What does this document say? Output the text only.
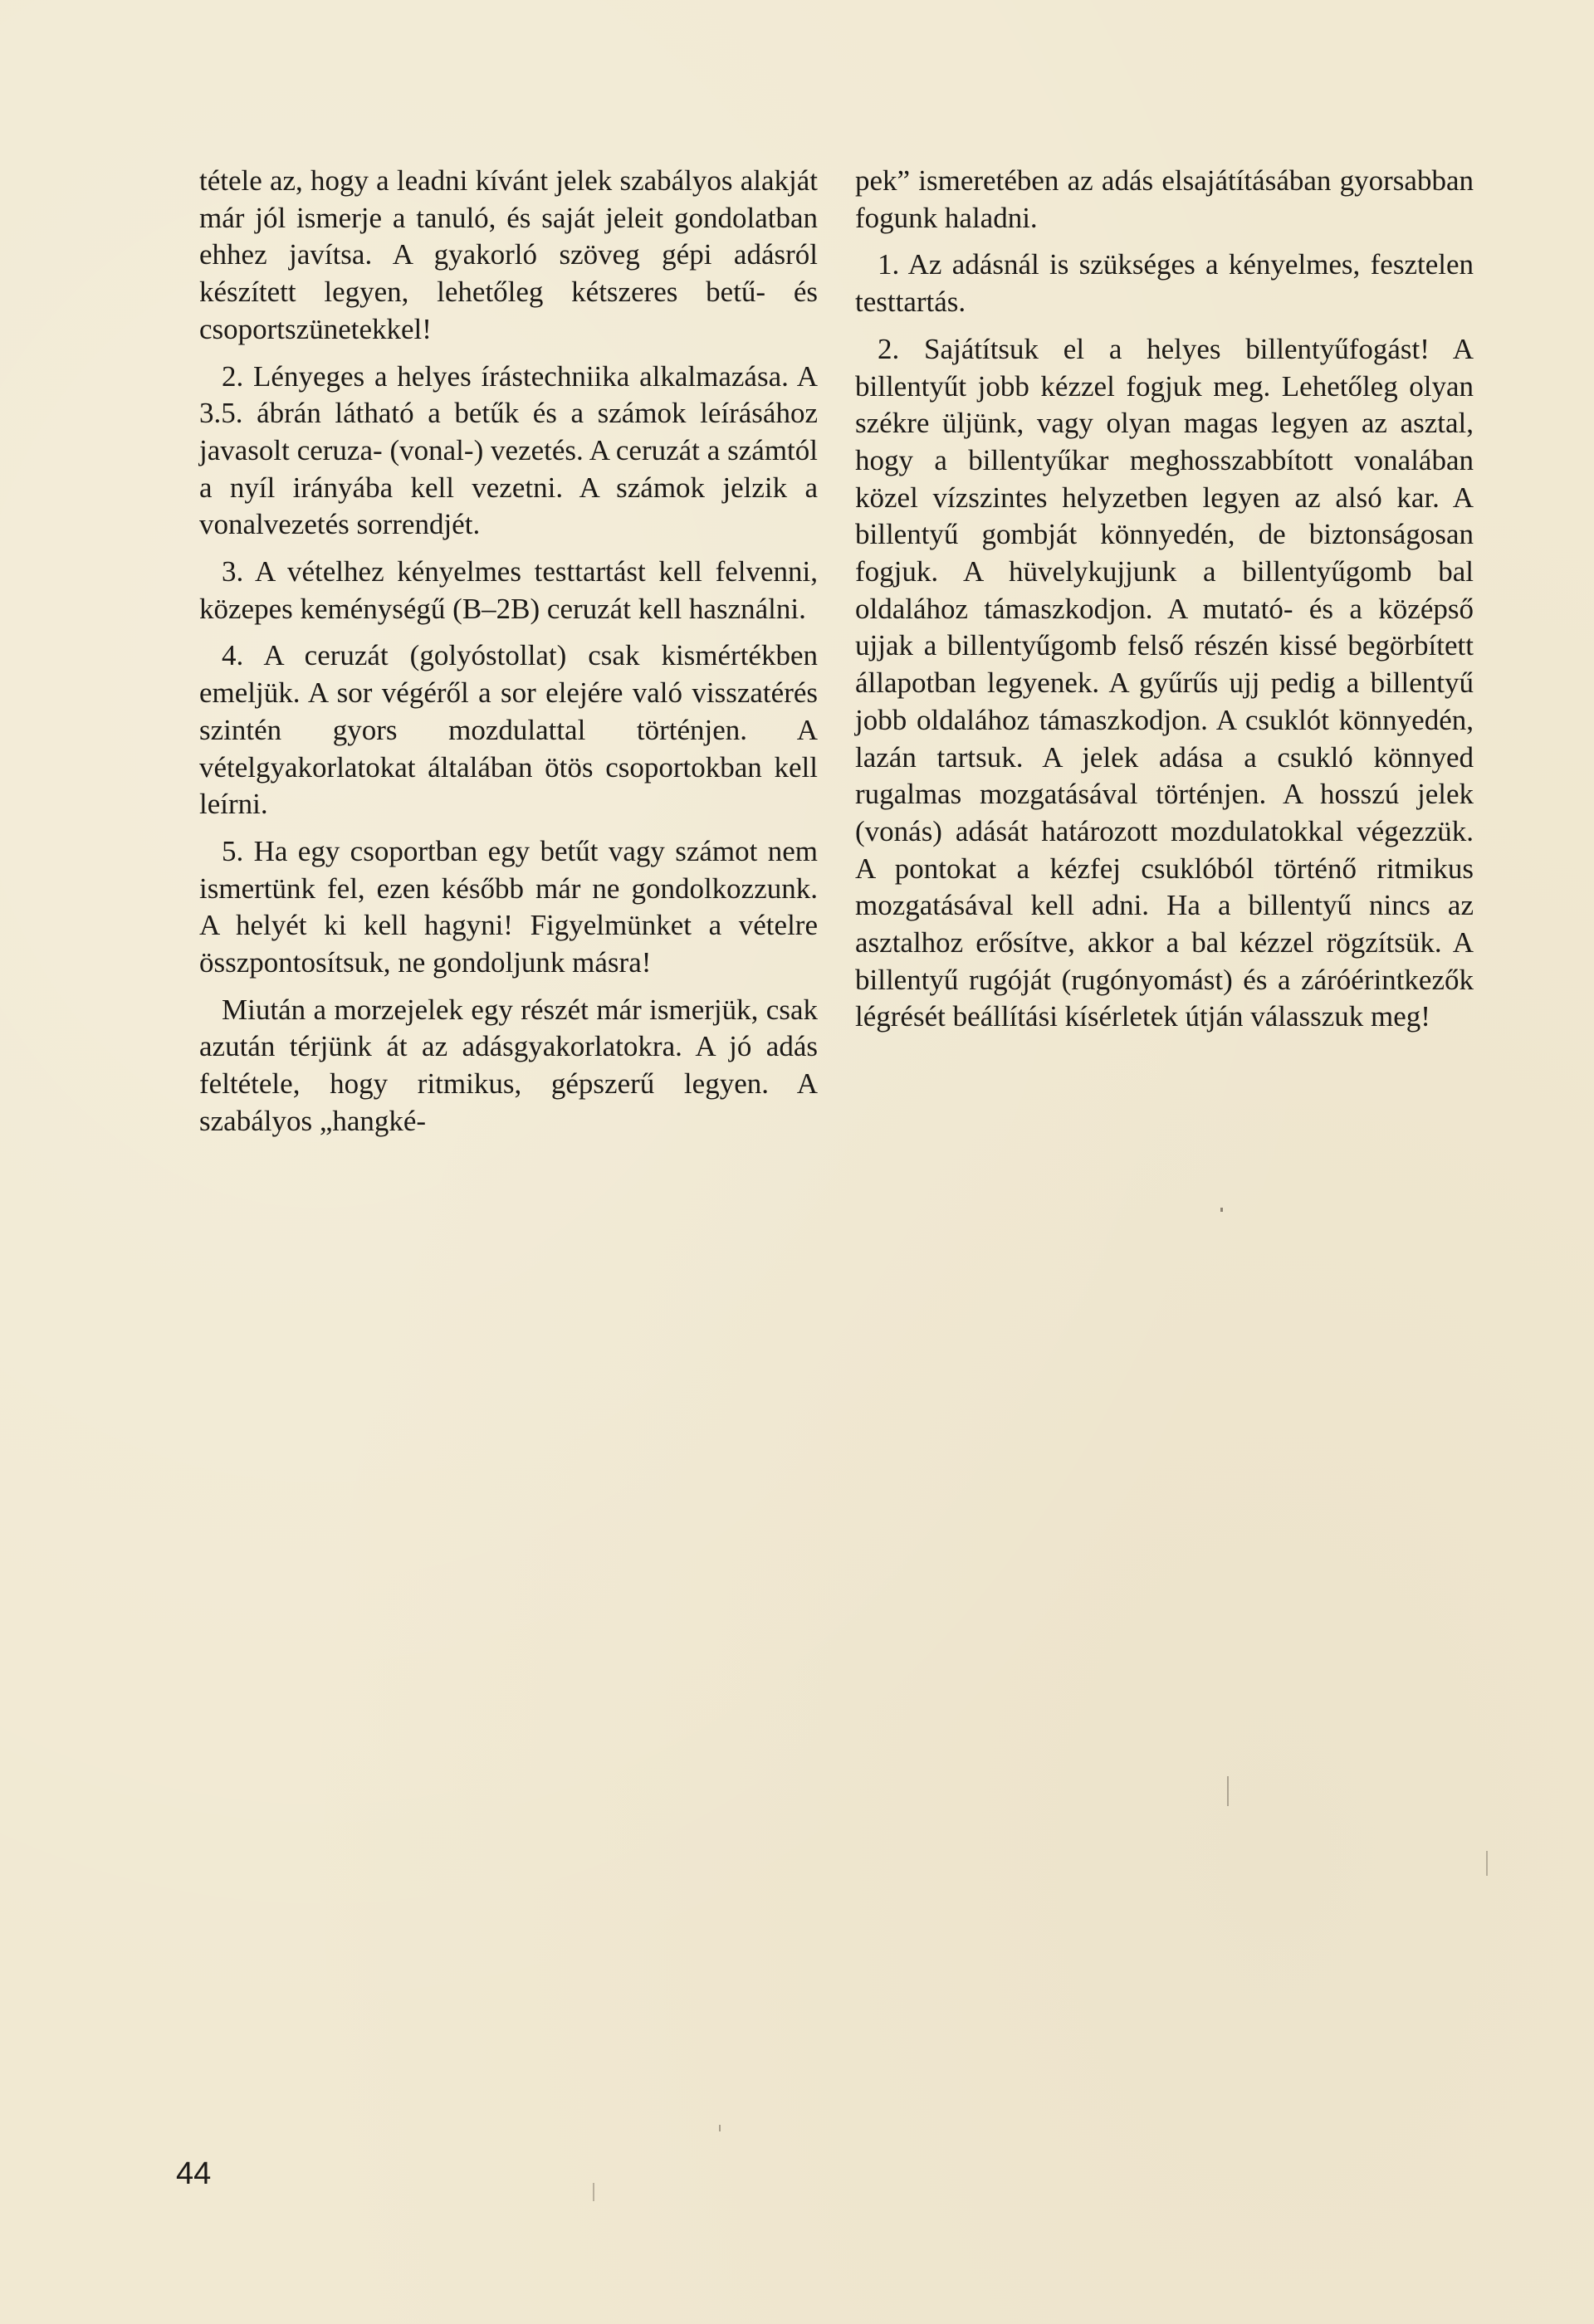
tétele az, hogy a leadni kívánt jelek szabályos alakját már jól ismerje a tanuló, és saját jeleit gondolatban ehhez javítsa. A gyakorló szöveg gépi adásról készített legyen, lehetőleg kétszeres betű- és csoportszünetekkel!

2. Lényeges a helyes írástechniika alkalmazása. A 3.5. ábrán látható a betűk és a számok leírásához javasolt ceruza- (vonal-) vezetés. A ceruzát a számtól a nyíl irányába kell vezetni. A számok jelzik a vonalvezetés sorrendjét.

3. A vételhez kényelmes testtartást kell felvenni, közepes keménységű (B–2B) ceruzát kell használni.

4. A ceruzát (golyóstollat) csak kismértékben emeljük. A sor végéről a sor elejére való visszatérés szintén gyors mozdulattal történjen. A vételgyakorlatokat általában ötös csoportokban kell leírni.

5. Ha egy csoportban egy betűt vagy számot nem ismertünk fel, ezen később már ne gondolkozzunk. A helyét ki kell hagyni! Figyelmünket a vételre összpontosítsuk, ne gondoljunk másra!

Miután a morzejelek egy részét már ismerjük, csak azután térjünk át az adásgyakorlatokra. A jó adás feltétele, hogy ritmikus, gépszerű legyen. A szabályos „hangké-

pek” ismeretében az adás elsajátításában gyorsabban fogunk haladni.

1. Az adásnál is szükséges a kényelmes, fesztelen testtartás.

2. Sajátítsuk el a helyes billentyűfogást! A billentyűt jobb kézzel fogjuk meg. Lehetőleg olyan székre üljünk, vagy olyan magas legyen az asztal, hogy a billentyűkar meghosszabbított vonalában közel vízszintes helyzetben legyen az alsó kar. A billentyű gombját könnyedén, de biztonságosan fogjuk. A hüvelykujjunk a billentyűgomb bal oldalához támaszkodjon. A mutató- és a középső ujjak a billentyűgomb felső részén kissé begörbített állapotban legyenek. A gyűrűs ujj pedig a billentyű jobb oldalához támaszkodjon. A csuklót könnyedén, lazán tartsuk. A jelek adása a csukló könnyed rugalmas mozgatásával történjen. A hosszú jelek (vonás) adását határozott mozdulatokkal végezzük. A pontokat a kézfej csuklóból történő ritmikus mozgatásával kell adni. Ha a billentyű nincs az asztalhoz erősítve, akkor a bal kézzel rögzítsük. A billentyű rugóját (rugónyomást) és a záróérintkezők légrését beállítási kísérletek útján válasszuk meg!

44
